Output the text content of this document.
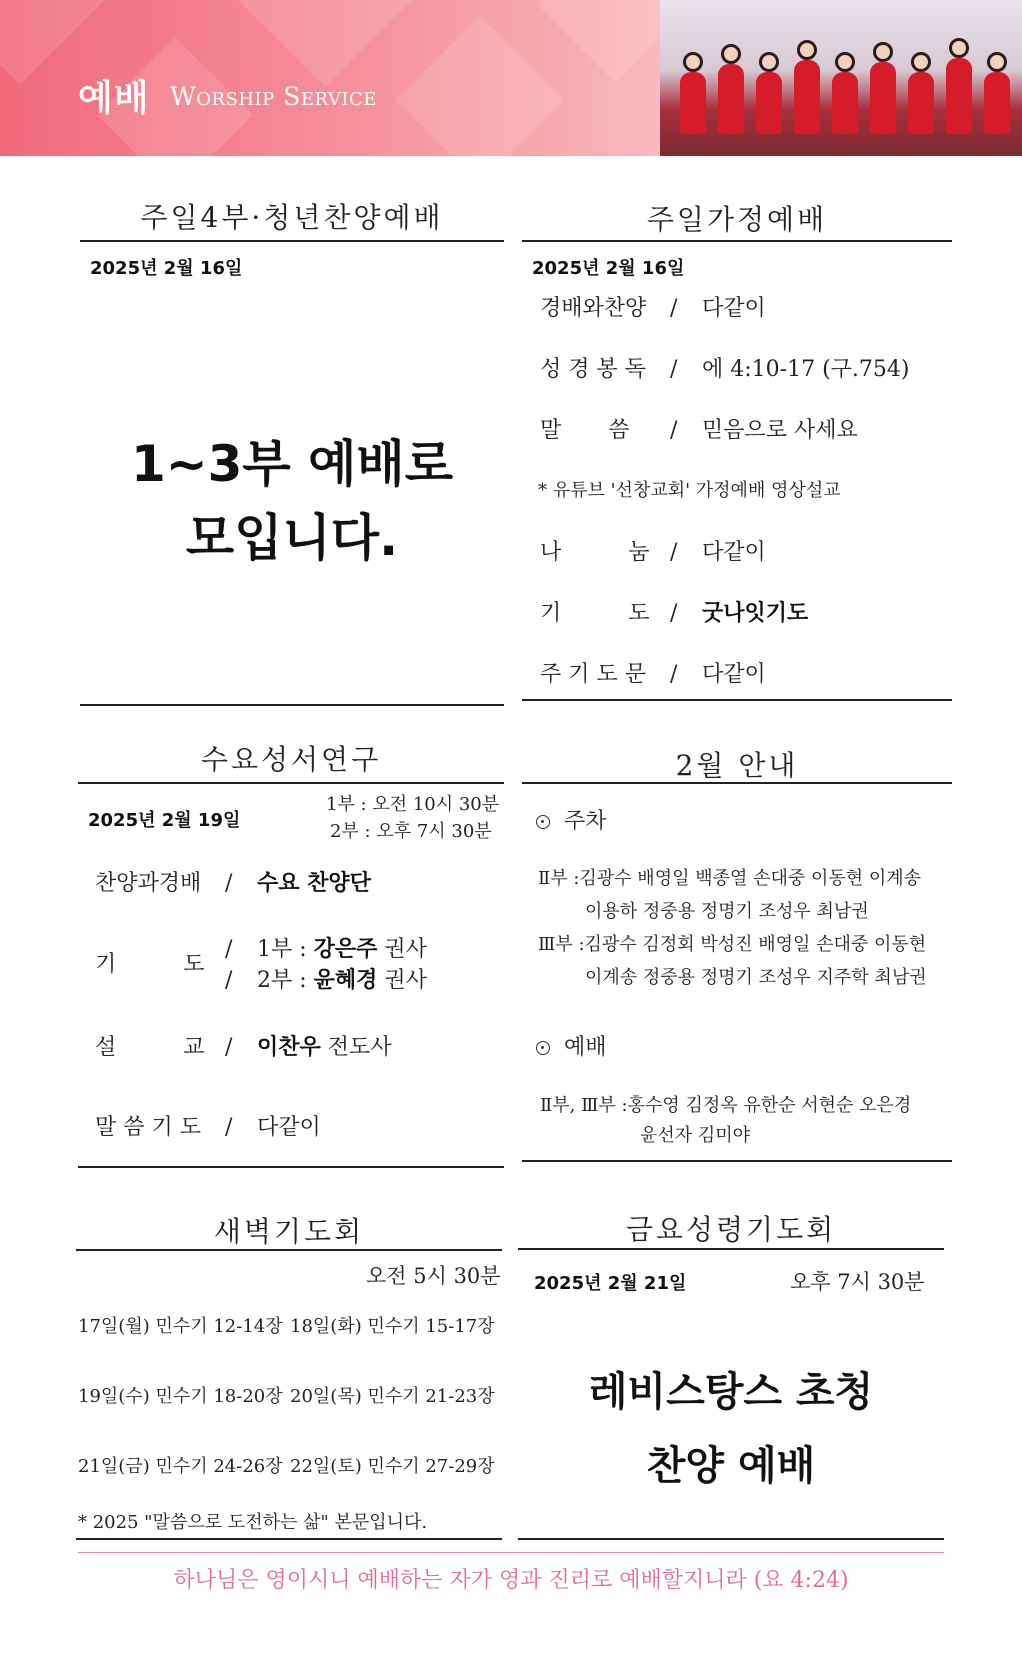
예배 Worship Service
주일4부·청년찬양예배
2025년 2월 16일
1~3부 예배로
모입니다.
주일가정예배
2025년 2월 16일
경배와찬양 / 다같이
성 경 봉 독 / 에 4:10-17 (구.754)
말 씀 / 믿음으로 사세요
* 유튜브 '선창교회' 가정예배 영상설교
나 눔 / 다같이
기 도 / 굿나잇기도
주 기 도 문 / 다같이
수요성서연구
2025년 2월 19일
1부 : 오전 10시 30분
2부 : 오후 7시 30분
찬양과경배 / 수요 찬양단
기 도
/ 1부 : 강은주 권사
/ 2부 : 윤혜경 권사
설 교 / 이찬우 전도사
말 씀 기 도 / 다같이
2월 안내
주차
Ⅱ부 :김광수 배영일 백종열 손대중 이동현 이계송
이용하 정중용 정명기 조성우 최남권
Ⅲ부 :김광수 김정회 박성진 배영일 손대중 이동현
이계송 정중용 정명기 조성우 지주학 최남권
예배
Ⅱ부, Ⅲ부 :홍수영 김정옥 유한순 서현순 오은경
윤선자 김미야
새벽기도회
오전 5시 30분
17일(월) 민수기 12-14장 18일(화) 민수기 15-17장
19일(수) 민수기 18-20장 20일(목) 민수기 21-23장
21일(금) 민수기 24-26장 22일(토) 민수기 27-29장
* 2025 "말씀으로 도전하는 삶" 본문입니다.
금요성령기도회
2025년 2월 21일	오후 7시 30분
레비스탕스 초청
찬양 예배
하나님은 영이시니 예배하는 자가 영과 진리로 예배할지니라 (요 4:24)
